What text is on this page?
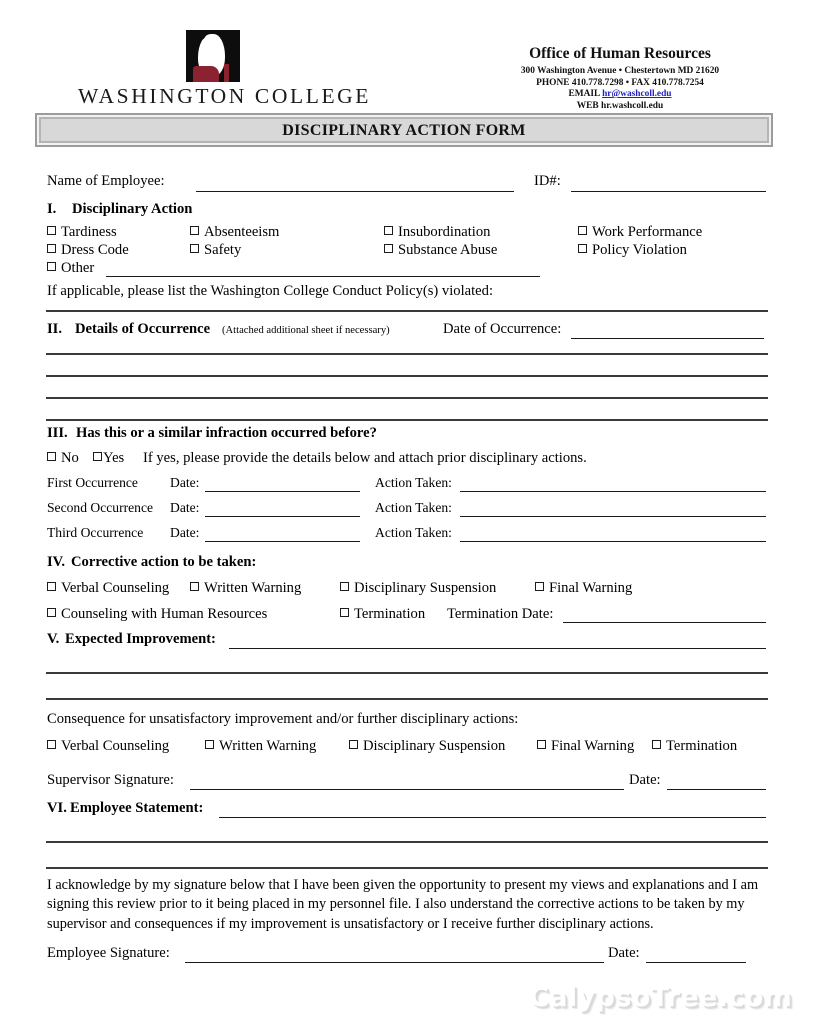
WASHINGTON COLLEGE
Office of Human Resources
300 Washington Avenue • Chestertown MD 21620
PHONE 410.778.7298 • FAX 410.778.7254
EMAIL hr@washcoll.edu
WEB hr.washcoll.edu
DISCIPLINARY ACTION FORM
Name of Employee:	ID#:
I. Disciplinary Action
Tardiness	Absenteeism	Insubordination	Work Performance
Dress Code	Safety	Substance Abuse	Policy Violation
Other
If applicable, please list the Washington College Conduct Policy(s) violated:
II. Details of Occurrence (Attached additional sheet if necessary)	Date of Occurrence:
III. Has this or a similar infraction occurred before?
No	Yes If yes, please provide the details below and attach prior disciplinary actions.
First Occurrence Date:	Action Taken:
Second Occurrence Date:	Action Taken:
Third Occurrence Date:	Action Taken:
IV. Corrective action to be taken:
Verbal Counseling	Written Warning	Disciplinary Suspension	Final Warning
Counseling with Human Resources	Termination Termination Date:
V. Expected Improvement:
Consequence for unsatisfactory improvement and/or further disciplinary actions:
Verbal Counseling	Written Warning	Disciplinary Suspension	Final Warning	Termination
Supervisor Signature:	Date:
VI. Employee Statement:
I acknowledge by my signature below that I have been given the opportunity to present my views and explanations and I am signing this review prior to it being placed in my personnel file. I also understand the corrective actions to be taken by my supervisor and consequences if my improvement is unsatisfactory or I receive further disciplinary actions.
Employee Signature:	Date:
CalypsoTree.com
